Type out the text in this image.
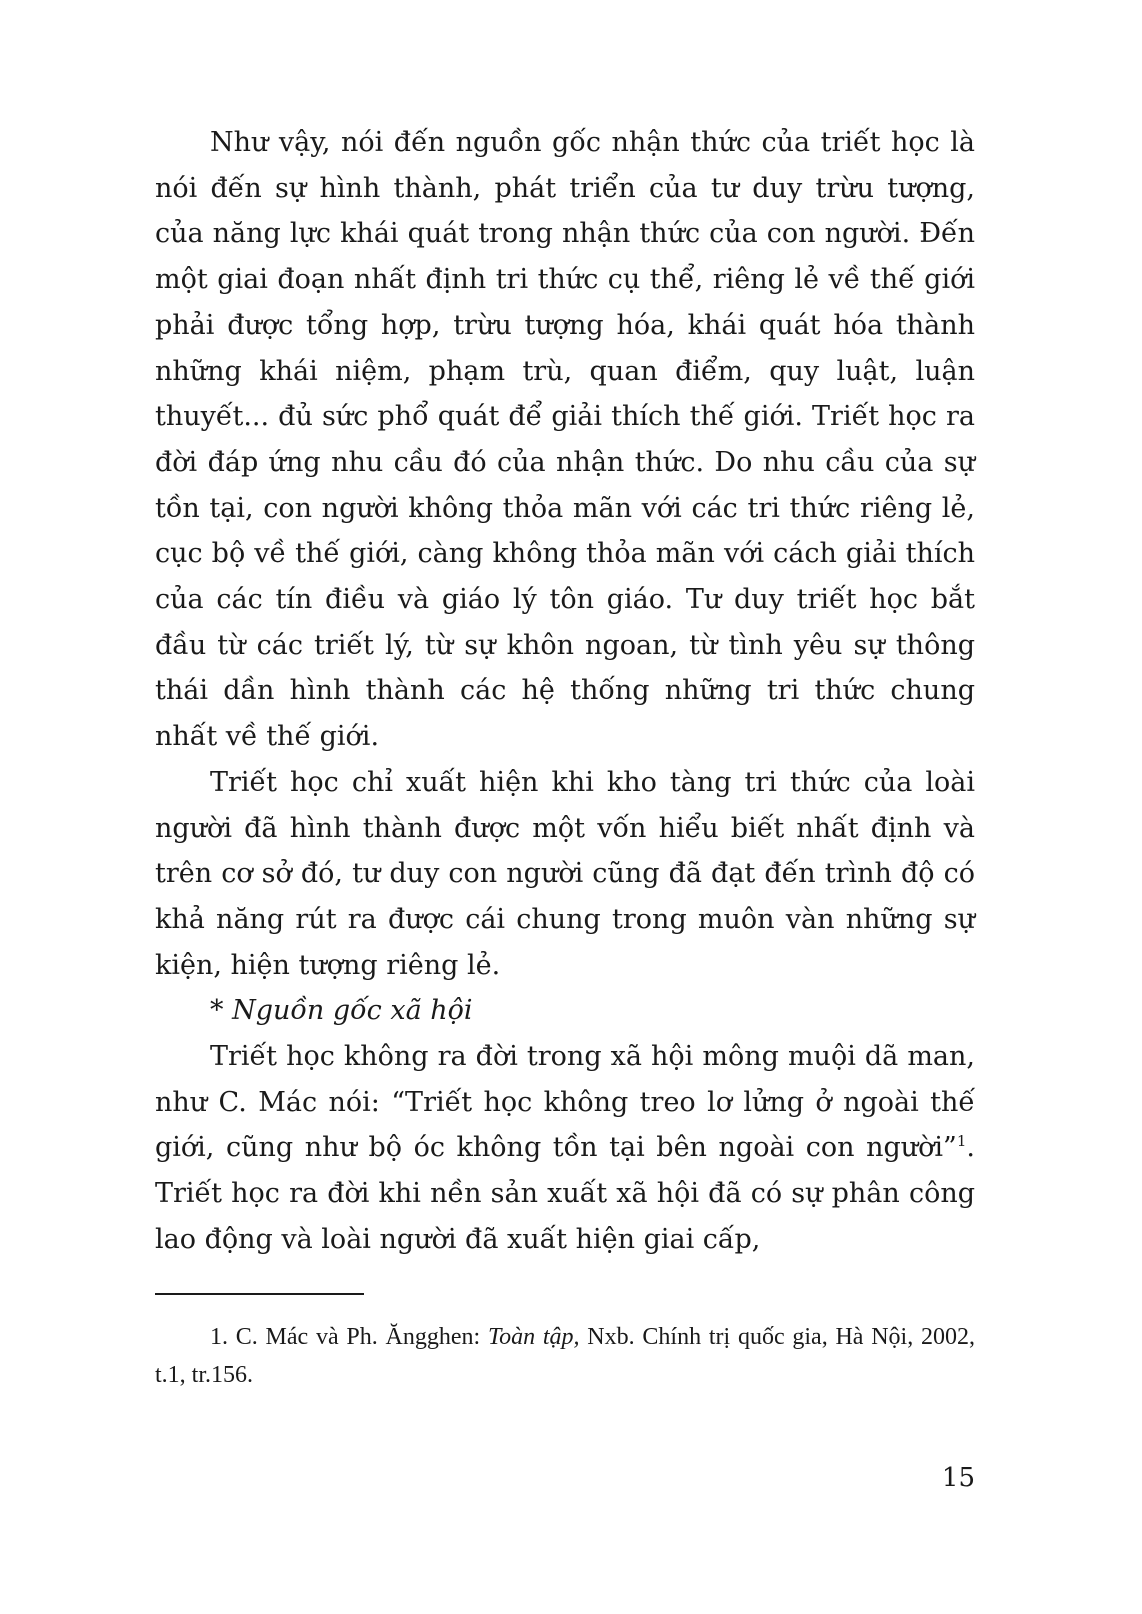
Như vậy, nói đến nguồn gốc nhận thức của triết học là nói đến sự hình thành, phát triển của tư duy trừu tượng, của năng lực khái quát trong nhận thức của con người. Đến một giai đoạn nhất định tri thức cụ thể, riêng lẻ về thế giới phải được tổng hợp, trừu tượng hóa, khái quát hóa thành những khái niệm, phạm trù, quan điểm, quy luật, luận thuyết... đủ sức phổ quát để giải thích thế giới. Triết học ra đời đáp ứng nhu cầu đó của nhận thức. Do nhu cầu của sự tồn tại, con người không thỏa mãn với các tri thức riêng lẻ, cục bộ về thế giới, càng không thỏa mãn với cách giải thích của các tín điều và giáo lý tôn giáo. Tư duy triết học bắt đầu từ các triết lý, từ sự khôn ngoan, từ tình yêu sự thông thái dần hình thành các hệ thống những tri thức chung nhất về thế giới.

Triết học chỉ xuất hiện khi kho tàng tri thức của loài người đã hình thành được một vốn hiểu biết nhất định và trên cơ sở đó, tư duy con người cũng đã đạt đến trình độ có khả năng rút ra được cái chung trong muôn vàn những sự kiện, hiện tượng riêng lẻ.

* Nguồn gốc xã hội

Triết học không ra đời trong xã hội mông muội dã man, như C. Mác nói: “Triết học không treo lơ lửng ở ngoài thế giới, cũng như bộ óc không tồn tại bên ngoài con người”$^1$. Triết học ra đời khi nền sản xuất xã hội đã có sự phân công lao động và loài người đã xuất hiện giai cấp,

1. C. Mác và Ph. Ăngghen: Toàn tập, Nxb. Chính trị quốc gia, Hà Nội, 2002, t.1, tr.156.

15
